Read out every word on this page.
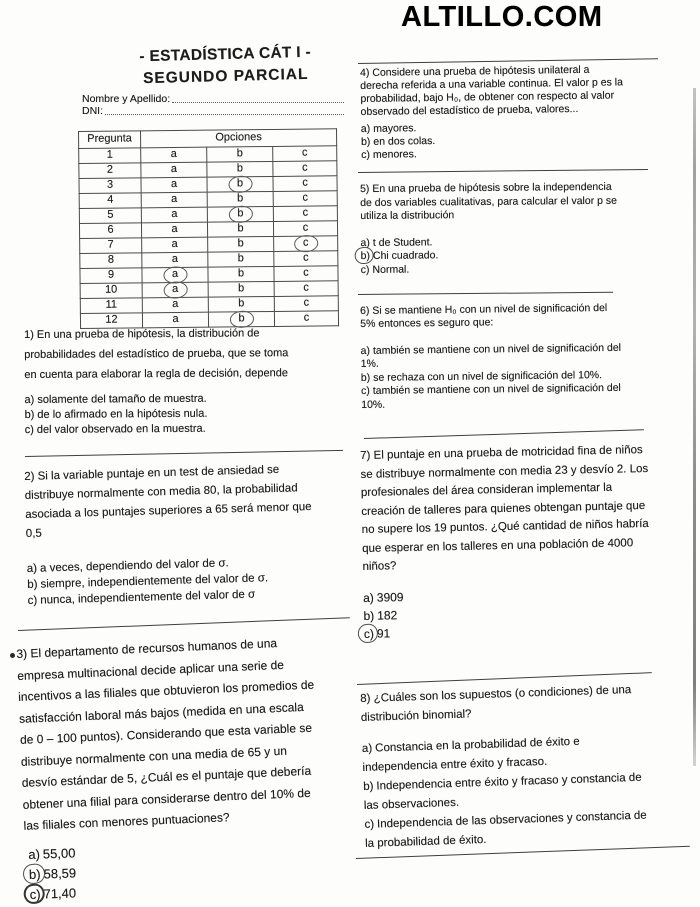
ALTILLO.COM
- ESTADÍSTICA CÁT I -
SEGUNDO PARCIAL
Nombre y Apellido:
DNI:
Pregunta	Opciones		
1	a	b	c
2	a	b	c
3	a	b	c
4	a	b	c
5	a	b	c
6	a	b	c
7	a	b	c
8	a	b	c
9	a	b	c
10	a	b	c
11	a	b	c
12	a	b	c
1) En una prueba de hipótesis, la distribución de
probabilidades del estadístico de prueba, que se toma
en cuenta para elaborar la regla de decisión, depende
a) solamente del tamaño de muestra.
b) de lo afirmado en la hipótesis nula.
c) del valor observado en la muestra.
2) Si la variable puntaje en un test de ansiedad se
distribuye normalmente con media 80, la probabilidad
asociada a los puntajes superiores a 65 será menor que
0,5
a) a veces, dependiendo del valor de σ.
b) siempre, independientemente del valor de σ.
c) nunca, independientemente del valor de σ
3) El departamento de recursos humanos de una
empresa multinacional decide aplicar una serie de
incentivos a las filiales que obtuvieron los promedios de
satisfacción laboral más bajos (medida en una escala
de 0 – 100 puntos). Considerando que esta variable se
distribuye normalmente con una media de 65 y un
desvío estándar de 5, ¿Cuál es el puntaje que debería
obtener una filial para considerarse dentro del 10% de
las filiales con menores puntuaciones?
a) 55,00
b) 58,59
c) 71,40
4) Considere una prueba de hipótesis unilateral a
derecha referida a una variable continua. El valor p es la
probabilidad, bajo H₀, de obtener con respecto al valor
observado del estadístico de prueba, valores...
a) mayores.
b) en dos colas.
c) menores.
5) En una prueba de hipótesis sobre la independencia
de dos variables cualitativas, para calcular el valor p se
utiliza la distribución
a) t de Student.
b) Chi cuadrado.
c) Normal.
6) Si se mantiene H₀ con un nivel de significación del
5% entonces es seguro que:
a) también se mantiene con un nivel de significación del
1%.
b) se rechaza con un nivel de significación del 10%.
c) también se mantiene con un nivel de significación del
10%.
7) El puntaje en una prueba de motricidad fina de niños
se distribuye normalmente con media 23 y desvío 2. Los
profesionales del área consideran implementar la
creación de talleres para quienes obtengan puntaje que
no supere los 19 puntos. ¿Qué cantidad de niños habría
que esperar en los talleres en una población de 4000
niños?
a) 3909
b) 182
c) 91
8) ¿Cuáles son los supuestos (o condiciones) de una
distribución binomial?
a) Constancia en la probabilidad de éxito e
independencia entre éxito y fracaso.
b) Independencia entre éxito y fracaso y constancia de
las observaciones.
c) Independencia de las observaciones y constancia de
la probabilidad de éxito.
